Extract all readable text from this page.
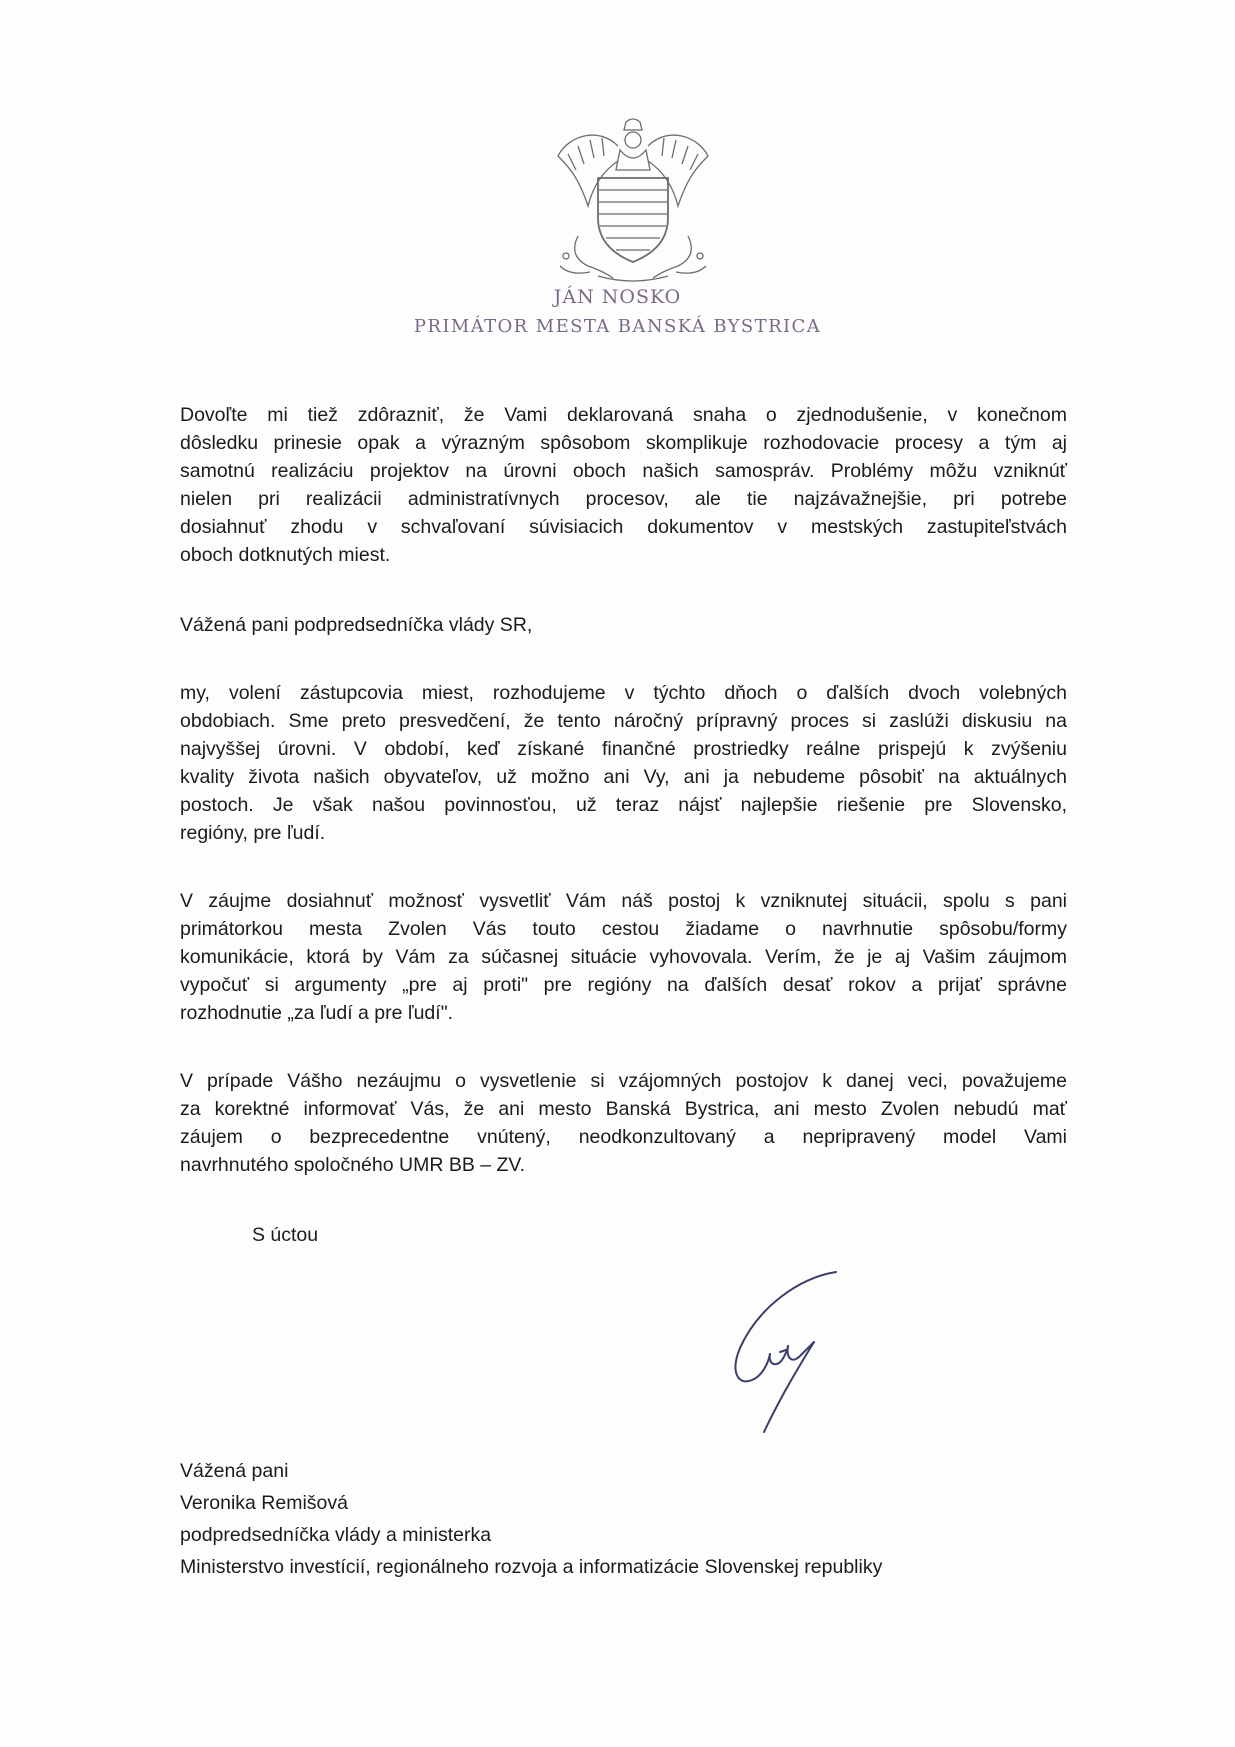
JÁN NOSKO
PRIMÁTOR MESTA BANSKÁ BYSTRICA
Dovoľte mi tiež zdôrazniť, že Vami deklarovaná snaha o zjednodušenie, v konečnom
dôsledku prinesie opak a výrazným spôsobom skomplikuje rozhodovacie procesy a tým aj
samotnú realizáciu projektov na úrovni oboch našich samospráv. Problémy môžu vzniknúť
nielen pri realizácii administratívnych procesov, ale tie najzávažnejšie, pri potrebe
dosiahnuť zhodu v schvaľovaní súvisiacich dokumentov v mestských zastupiteľstvách
oboch dotknutých miest.
Vážená pani podpredsedníčka vlády SR,
my, volení zástupcovia miest, rozhodujeme v týchto dňoch o ďalších dvoch volebných
obdobiach. Sme preto presvedčení, že tento náročný prípravný proces si zaslúži diskusiu na
najvyššej úrovni. V období, keď získané finančné prostriedky reálne prispejú k zvýšeniu
kvality života našich obyvateľov, už možno ani Vy, ani ja nebudeme pôsobiť na aktuálnych
postoch. Je však našou povinnosťou, už teraz nájsť najlepšie riešenie pre Slovensko,
regióny, pre ľudí.
V záujme dosiahnuť možnosť vysvetliť Vám náš postoj k vzniknutej situácii, spolu s pani
primátorkou mesta Zvolen Vás touto cestou žiadame o navrhnutie spôsobu/formy
komunikácie, ktorá by Vám za súčasnej situácie vyhovovala. Verím, že je aj Vašim záujmom
vypočuť si argumenty „pre aj proti" pre regióny na ďalších desať rokov a prijať správne
rozhodnutie „za ľudí a pre ľudí".
V prípade Vášho nezáujmu o vysvetlenie si vzájomných postojov k danej veci, považujeme
za korektné informovať Vás, že ani mesto Banská Bystrica, ani mesto Zvolen nebudú mať
záujem o bezprecedentne vnútený, neodkonzultovaný a nepripravený model Vami
navrhnutého spoločného UMR BB – ZV.
S úctou
Vážená pani
Veronika Remišová
podpredsedníčka vlády a ministerka
Ministerstvo investícií, regionálneho rozvoja a informatizácie Slovenskej republiky
